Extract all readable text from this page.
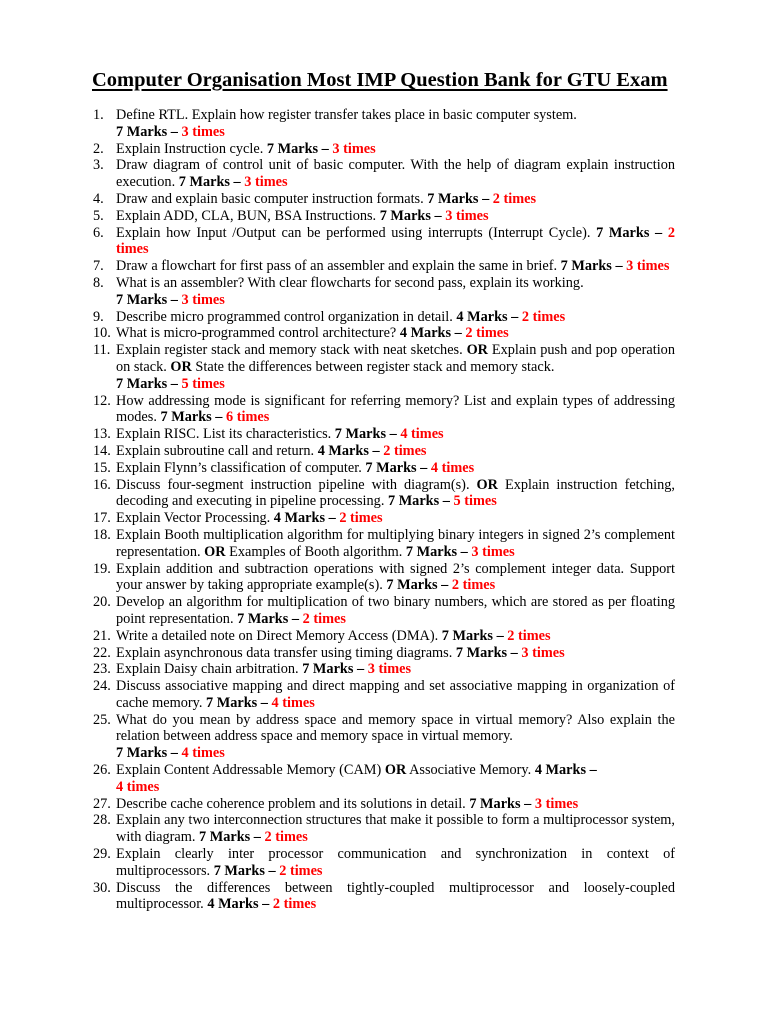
Computer Organisation Most IMP Question Bank for GTU Exam
1. Define RTL. Explain how register transfer takes place in basic computer system.
7 Marks – 3 times
2. Explain Instruction cycle. 7 Marks – 3 times
3. Draw diagram of control unit of basic computer. With the help of diagram explain instruction execution. 7 Marks – 3 times
4. Draw and explain basic computer instruction formats. 7 Marks – 2 times
5. Explain ADD, CLA, BUN, BSA Instructions. 7 Marks – 3 times
6. Explain how Input /Output can be performed using interrupts (Interrupt Cycle). 7 Marks – 2 times
7. Draw a flowchart for first pass of an assembler and explain the same in brief. 7 Marks – 3 times
8. What is an assembler? With clear flowcharts for second pass, explain its working.
7 Marks – 3 times
9. Describe micro programmed control organization in detail. 4 Marks – 2 times
10. What is micro-programmed control architecture? 4 Marks – 2 times
11. Explain register stack and memory stack with neat sketches. OR Explain push and pop operation on stack. OR State the differences between register stack and memory stack.
7 Marks – 5 times
12. How addressing mode is significant for referring memory? List and explain types of addressing modes. 7 Marks – 6 times
13. Explain RISC. List its characteristics. 7 Marks – 4 times
14. Explain subroutine call and return. 4 Marks – 2 times
15. Explain Flynn’s classification of computer. 7 Marks – 4 times
16. Discuss four-segment instruction pipeline with diagram(s). OR Explain instruction fetching, decoding and executing in pipeline processing. 7 Marks – 5 times
17. Explain Vector Processing. 4 Marks – 2 times
18. Explain Booth multiplication algorithm for multiplying binary integers in signed 2’s complement representation. OR Examples of Booth algorithm. 7 Marks – 3 times
19. Explain addition and subtraction operations with signed 2’s complement integer data. Support your answer by taking appropriate example(s). 7 Marks – 2 times
20. Develop an algorithm for multiplication of two binary numbers, which are stored as per floating point representation. 7 Marks – 2 times
21. Write a detailed note on Direct Memory Access (DMA). 7 Marks – 2 times
22. Explain asynchronous data transfer using timing diagrams. 7 Marks – 3 times
23. Explain Daisy chain arbitration. 7 Marks – 3 times
24. Discuss associative mapping and direct mapping and set associative mapping in organization of cache memory. 7 Marks – 4 times
25. What do you mean by address space and memory space in virtual memory? Also explain the relation between address space and memory space in virtual memory.
7 Marks – 4 times
26. Explain Content Addressable Memory (CAM) OR Associative Memory. 4 Marks –
4 times
27. Describe cache coherence problem and its solutions in detail. 7 Marks – 3 times
28. Explain any two interconnection structures that make it possible to form a multiprocessor system, with diagram. 7 Marks – 2 times
29. Explain clearly inter processor communication and synchronization in context of multiprocessors. 7 Marks – 2 times
30. Discuss the differences between tightly-coupled multiprocessor and loosely-coupled multiprocessor. 4 Marks – 2 times
